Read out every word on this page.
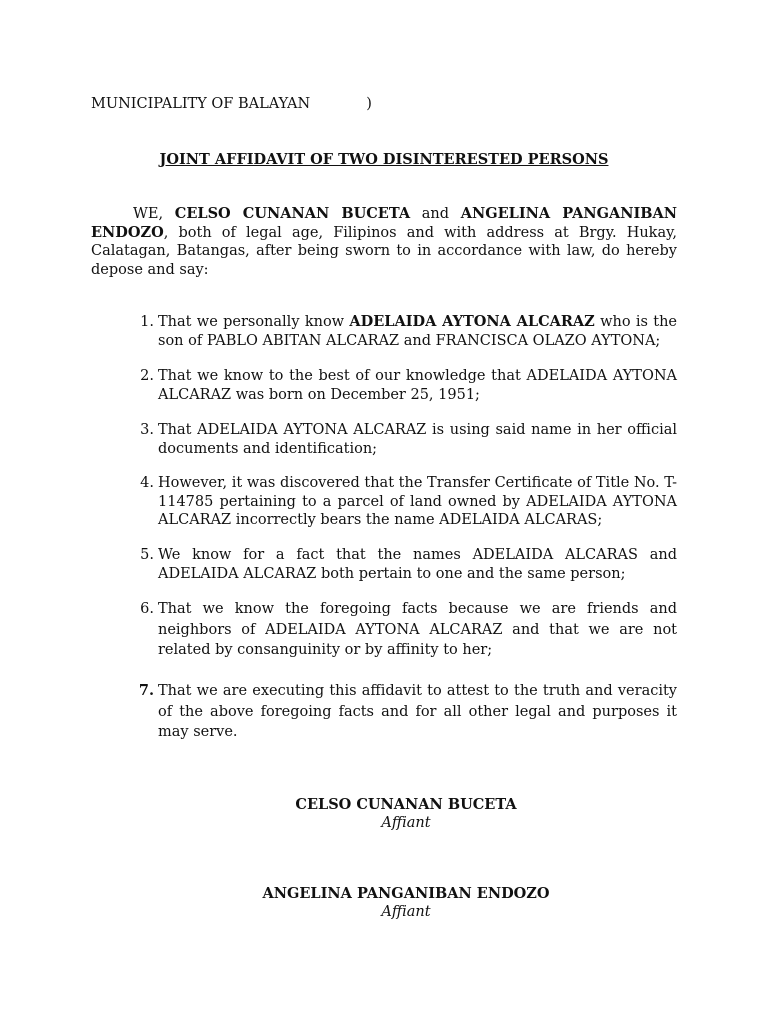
MUNICIPALITY OF BALAYAN	)
JOINT AFFIDAVIT OF TWO DISINTERESTED PERSONS
WE, CELSO CUNANAN BUCETA and ANGELINA PANGANIBAN ENDOZO, both of legal age, Filipinos and with address at Brgy. Hukay, Calatagan, Batangas, after being sworn to in accordance with law, do hereby depose and say:
1. That we personally know ADELAIDA AYTONA ALCARAZ who is the son of PABLO ABITAN ALCARAZ and FRANCISCA OLAZO AYTONA;
2. That we know to the best of our knowledge that ADELAIDA AYTONA ALCARAZ was born on December 25, 1951;
3. That ADELAIDA AYTONA ALCARAZ is using said name in her official documents and identification;
4. However, it was discovered that the Transfer Certificate of Title No. T-114785 pertaining to a parcel of land owned by ADELAIDA AYTONA ALCARAZ incorrectly bears the name ADELAIDA ALCARAS;
5. We know for a fact that the names ADELAIDA ALCARAS and ADELAIDA ALCARAZ both pertain to one and the same person;
6. That we know the foregoing facts because we are friends and neighbors of ADELAIDA AYTONA ALCARAZ and that we are not related by consanguinity or by affinity to her;
7. That we are executing this affidavit to attest to the truth and veracity of the above foregoing facts and for all other legal and purposes it may serve.
CELSO CUNANAN BUCETA
Affiant
ANGELINA PANGANIBAN ENDOZO
Affiant
